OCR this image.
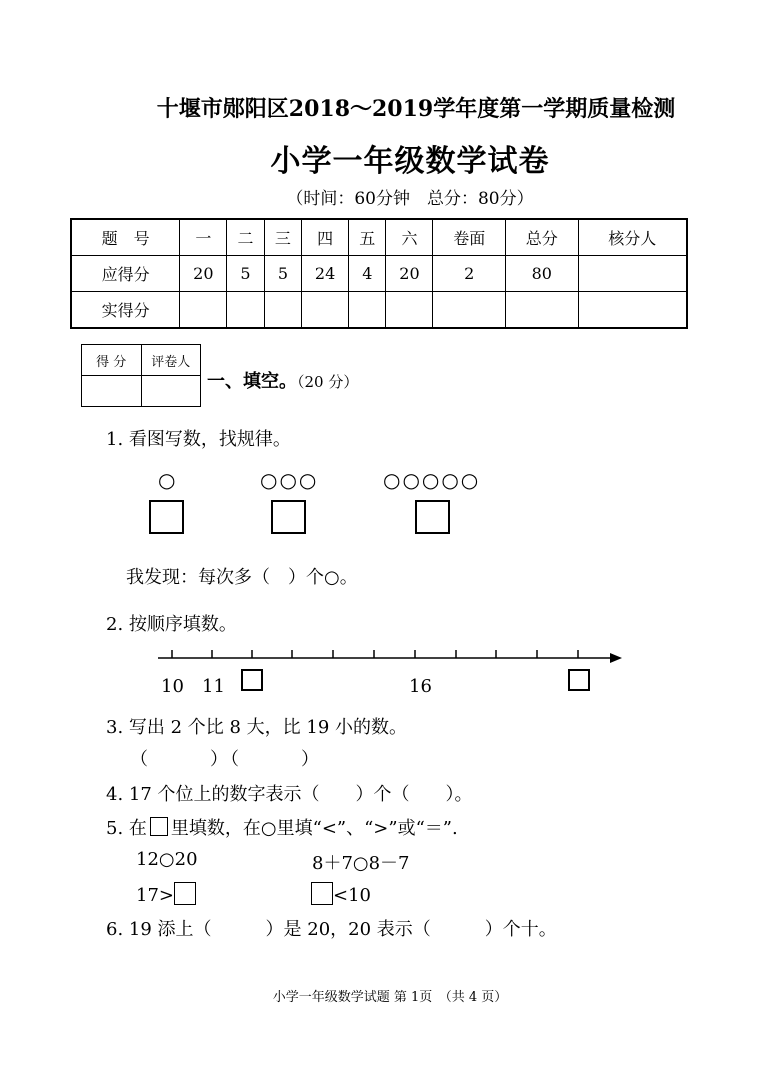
十堰市郧阳区2018～2019学年度第一学期质量检测
小学一年级数学试卷
（时间：60分钟　总分：80分）
题　号	一	二	三	四	五	六	卷面	总分	核分人
应得分	20	5	5	24	4	20	2	80	
实得分									
得 分	评卷人

一、填空。（20 分）
1. 看图写数，找规律。
○	○○○	○○○○○
我发现：每次多（　）个○。
2. 按顺序填数。
10 11	16
3. 写出 2 个比 8 大，比 19 小的数。
（　　　）（　　　）
4. 17 个位上的数字表示（　　）个（　　）。
5. 在 里填数，在○里填“<”、“>”或“＝”.
12○20	8＋7○8－7
17>	<10
6. 19 添上（　　　）是 20，20 表示（　　　）个十。
小学一年级数学试题 第 1页　（共 4 页）
